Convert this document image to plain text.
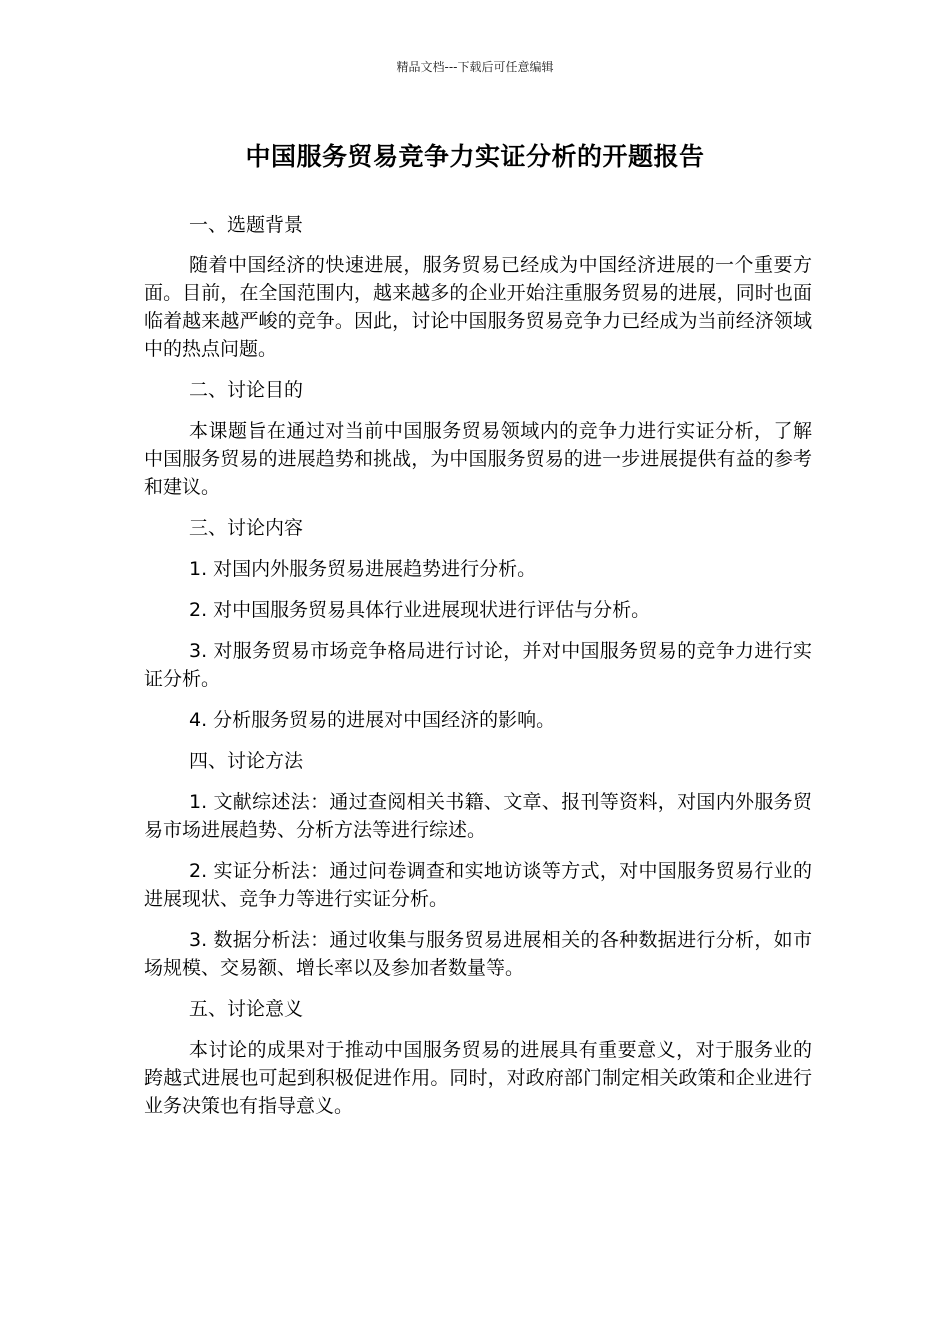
精品文档---下载后可任意编辑
中国服务贸易竞争力实证分析的开题报告

一、选题背景

随着中国经济的快速进展，服务贸易已经成为中国经济进展的一个重要方面。目前，在全国范围内，越来越多的企业开始注重服务贸易的进展，同时也面临着越来越严峻的竞争。因此，讨论中国服务贸易竞争力已经成为当前经济领域中的热点问题。

二、讨论目的

本课题旨在通过对当前中国服务贸易领域内的竞争力进行实证分析，了解中国服务贸易的进展趋势和挑战，为中国服务贸易的进一步进展提供有益的参考和建议。

三、讨论内容

1. 对国内外服务贸易进展趋势进行分析。

2. 对中国服务贸易具体行业进展现状进行评估与分析。

3. 对服务贸易市场竞争格局进行讨论，并对中国服务贸易的竞争力进行实证分析。

4. 分析服务贸易的进展对中国经济的影响。

四、讨论方法

1. 文献综述法：通过查阅相关书籍、文章、报刊等资料，对国内外服务贸易市场进展趋势、分析方法等进行综述。

2. 实证分析法：通过问卷调查和实地访谈等方式，对中国服务贸易行业的进展现状、竞争力等进行实证分析。

3. 数据分析法：通过收集与服务贸易进展相关的各种数据进行分析，如市场规模、交易额、增长率以及参加者数量等。

五、讨论意义

本讨论的成果对于推动中国服务贸易的进展具有重要意义，对于服务业的跨越式进展也可起到积极促进作用。同时，对政府部门制定相关政策和企业进行业务决策也有指导意义。
